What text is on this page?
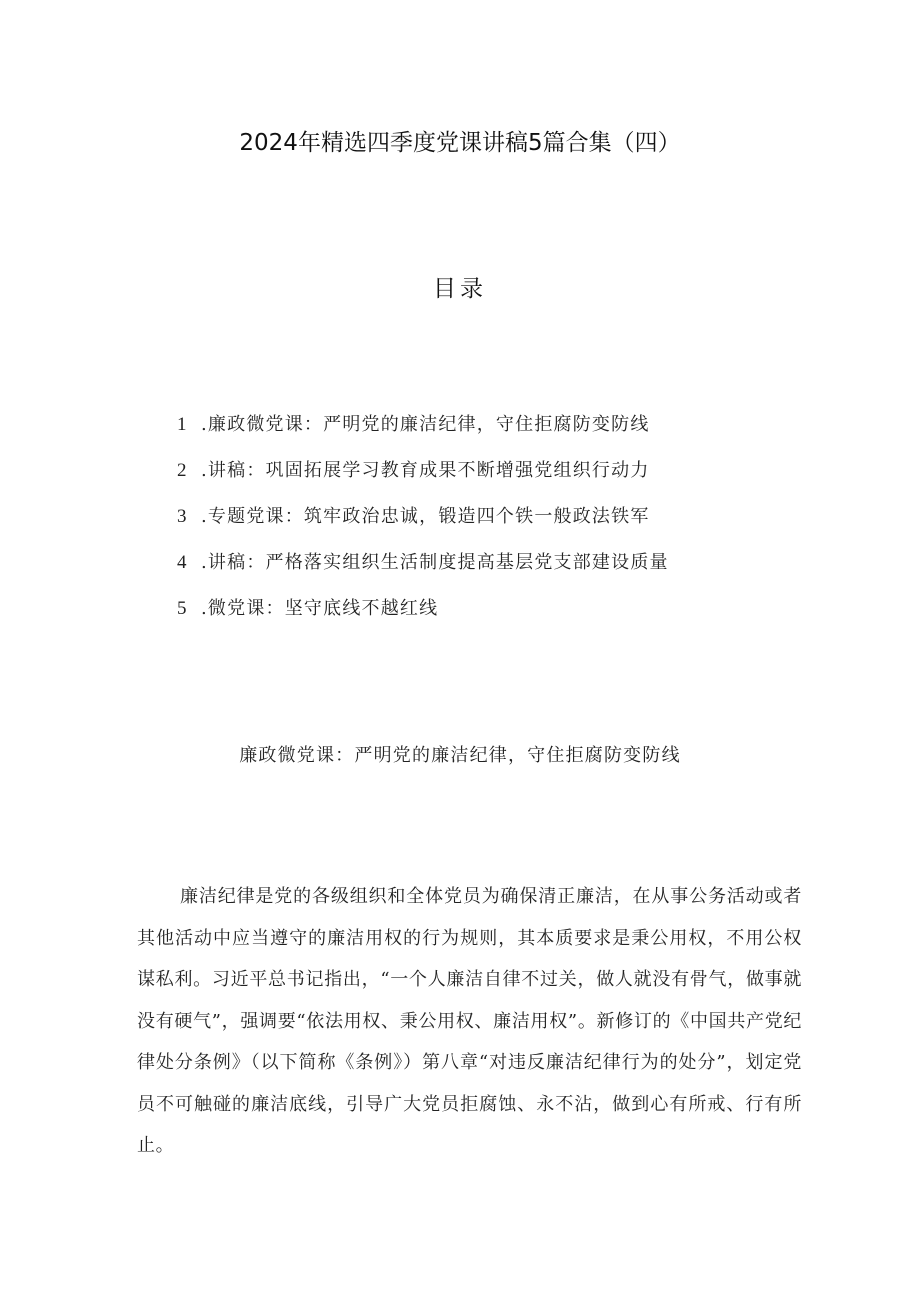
2024年精选四季度党课讲稿5篇合集（四）
目录
1 .廉政微党课：严明党的廉洁纪律，守住拒腐防变防线
2 .讲稿：巩固拓展学习教育成果不断增强党组织行动力
3 .专题党课：筑牢政治忠诚，锻造四个铁一般政法铁军
4 .讲稿：严格落实组织生活制度提高基层党支部建设质量
5 .微党课：坚守底线不越红线
廉政微党课：严明党的廉洁纪律，守住拒腐防变防线

廉洁纪律是党的各级组织和全体党员为确保清正廉洁，在从事公务活动或者其他活动中应当遵守的廉洁用权的行为规则，其本质要求是秉公用权，不用公权谋私利。习近平总书记指出，“一个人廉洁自律不过关，做人就没有骨气，做事就没有硬气”，强调要“依法用权、秉公用权、廉洁用权”。新修订的《中国共产党纪律处分条例》（以下简称《条例》）第八章“对违反廉洁纪律行为的处分”，划定党员不可触碰的廉洁底线，引导广大党员拒腐蚀、永不沾，做到心有所戒、行有所止。
